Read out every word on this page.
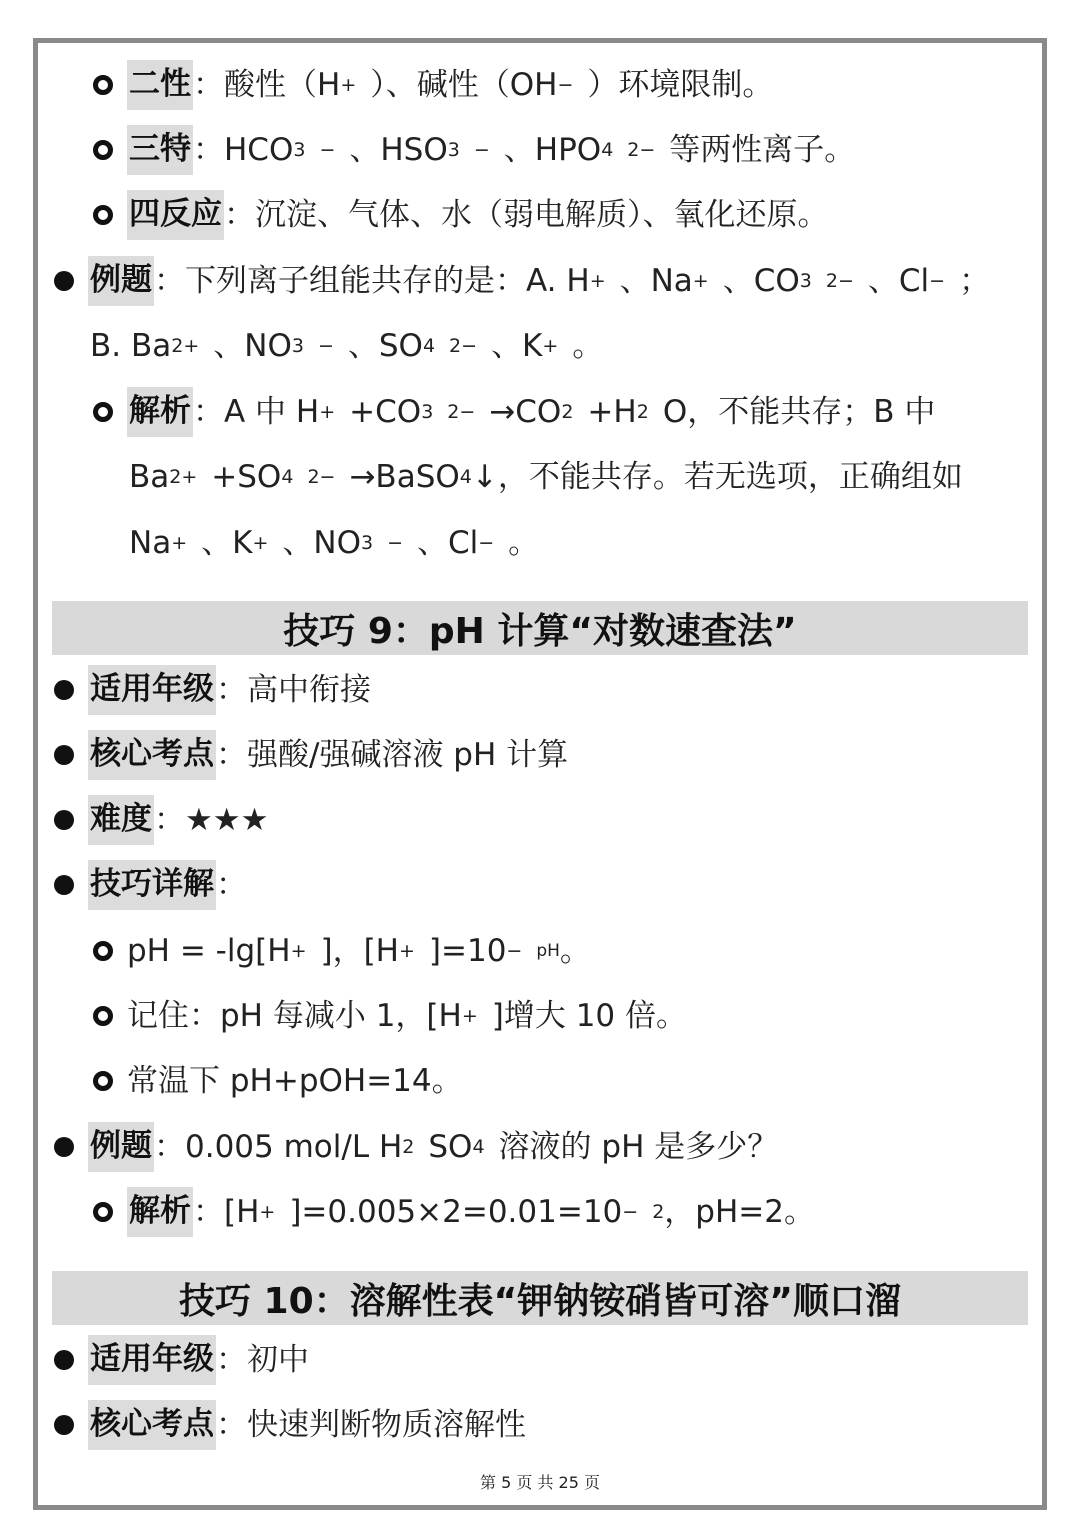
二性 ：酸性（H + ）、碱性（OH − ）环境限制。
三特 ：HCO 3 − 、HSO 3 − 、HPO 4 2− 等两性离子。
四反应 ：沉淀、气体、水（弱电解质）、氧化还原。
例题 ：下列离子组能共存的是：A. H + 、Na + 、CO 3 2− 、Cl − ；
B. Ba 2+ 、NO 3 − 、SO 4 2− 、K + 。
解析 ：A 中 H + +CO 3 2− →CO 2 +H 2 O，不能共存；B 中
Ba 2+ +SO 4 2− →BaSO 4 ↓，不能共存。若无选项，正确组如
Na + 、K + 、NO 3 − 、Cl − 。
技巧 9：pH 计算“对数速查法”
适用年级 ：高中衔接
核心考点 ：强酸/强碱溶液 pH 计算
难度 ：★★★
技巧详解 ：
pH = -lg[H + ]，[H + ]=10 − pH 。
记住：pH 每减小 1，[H + ]增大 10 倍。
常温下 pH+pOH=14。
例题 ：0.005 mol/L H 2 SO 4 溶液的 pH 是多少？
解析 ：[H + ]=0.005×2=0.01=10 − 2 ，pH=2。
技巧 10：溶解性表“钾钠铵硝皆可溶”顺口溜
适用年级 ：初中
核心考点 ：快速判断物质溶解性
第 5 页 共 25 页
